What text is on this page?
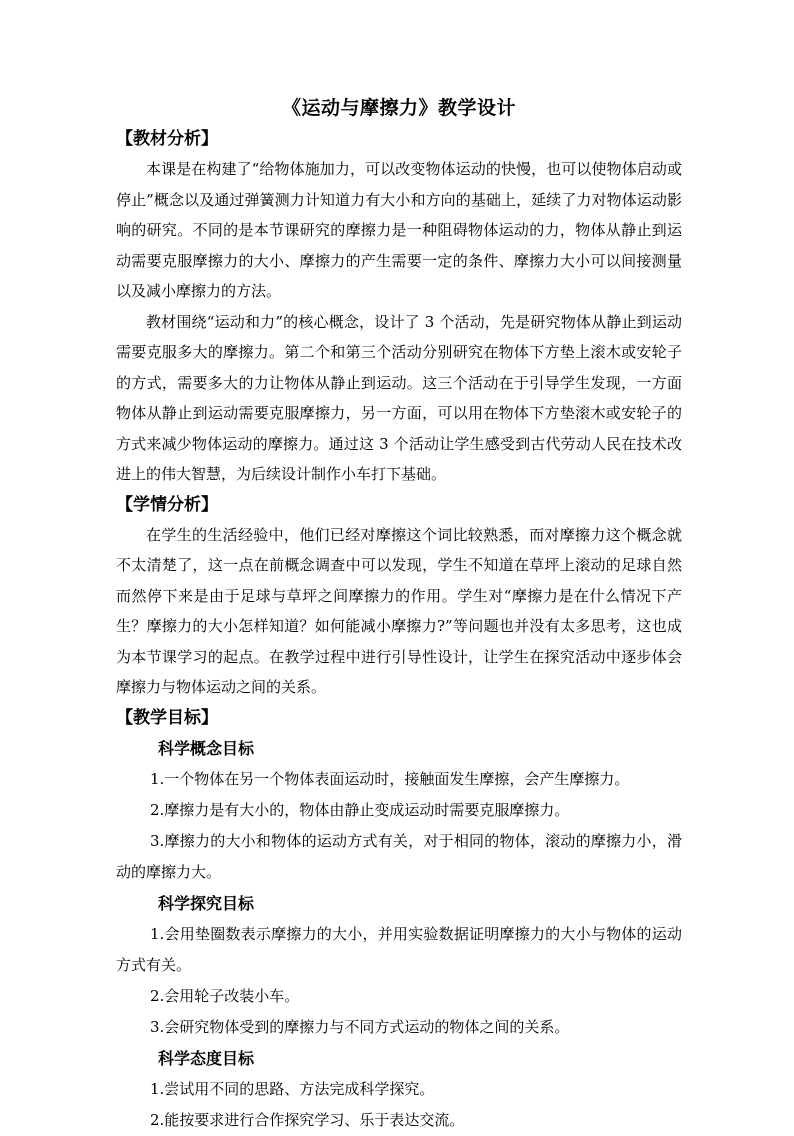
《运动与摩擦力》教学设计
【教材分析】

本课是在构建了“给物体施加力，可以改变物体运动的快慢，也可以使物体启动或停止”概念以及通过弹簧测力计知道力有大小和方向的基础上，延续了力对物体运动影响的研究。不同的是本节课研究的摩擦力是一种阻碍物体运动的力，物体从静止到运动需要克服摩擦力的大小、摩擦力的产生需要一定的条件、摩擦力大小可以间接测量以及减小摩擦力的方法。

教材围绕“运动和力”的核心概念，设计了 3 个活动，先是研究物体从静止到运动需要克服多大的摩擦力。第二个和第三个活动分别研究在物体下方垫上滚木或安轮子的方式，需要多大的力让物体从静止到运动。这三个活动在于引导学生发现，一方面物体从静止到运动需要克服摩擦力，另一方面，可以用在物体下方垫滚木或安轮子的方式来减少物体运动的摩擦力。通过这 3 个活动让学生感受到古代劳动人民在技术改进上的伟大智慧，为后续设计制作小车打下基础。

【学情分析】

在学生的生活经验中，他们已经对摩擦这个词比较熟悉，而对摩擦力这个概念就不太清楚了，这一点在前概念调查中可以发现，学生不知道在草坪上滚动的足球自然而然停下来是由于足球与草坪之间摩擦力的作用。学生对“摩擦力是在什么情况下产生？摩擦力的大小怎样知道？如何能减小摩擦力?”等问题也并没有太多思考，这也成为本节课学习的起点。在教学过程中进行引导性设计，让学生在探究活动中逐步体会摩擦力与物体运动之间的关系。

【教学目标】
科学概念目标

1.一个物体在另一个物体表面运动时，接触面发生摩擦，会产生摩擦力。

2.摩擦力是有大小的，物体由静止变成运动时需要克服摩擦力。

3.摩擦力的大小和物体的运动方式有关，对于相同的物体，滚动的摩擦力小，滑动的摩擦力大。

科学探究目标

1.会用垫圈数表示摩擦力的大小，并用实验数据证明摩擦力的大小与物体的运动方式有关。

2.会用轮子改装小车。

3.会研究物体受到的摩擦力与不同方式运动的物体之间的关系。

科学态度目标

1.尝试用不同的思路、方法完成科学探究。

2.能按要求进行合作探究学习、乐于表达交流。
